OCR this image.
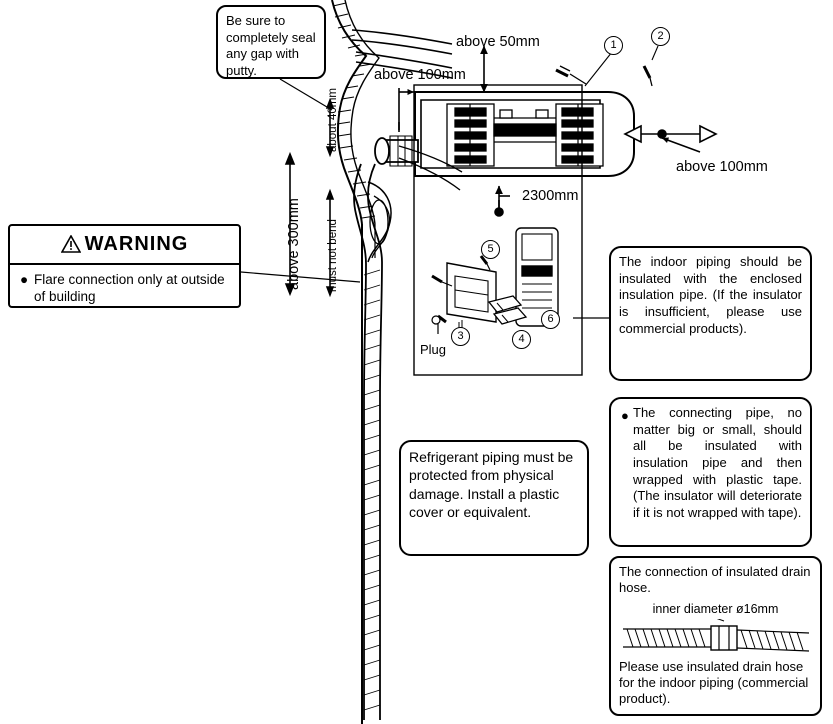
Be sure to completely seal any gap with putty.

WARNING
● Flare connection only at outside of building

The indoor piping should be insulated with the enclosed insulation pipe. (If the insulator is insufficient, please use commercial products).

● The connecting pipe, no matter big or small, should all be insulated with insulation pipe and then wrapped with plastic tape. (The insulator will deteriorate if it is not wrapped with tape).

The connection of insulated drain hose.

inner diameter ø16mm

Please use insulated drain hose for the indoor piping (commercial product).

Refrigerant piping must be protected from physical damage. Install a plastic cover or equivalent.

above 50mm
above 100mm
above 100mm
2300mm
above 300mm
about 40mm
must not bend
Plug
1
2
3	4
5
6
